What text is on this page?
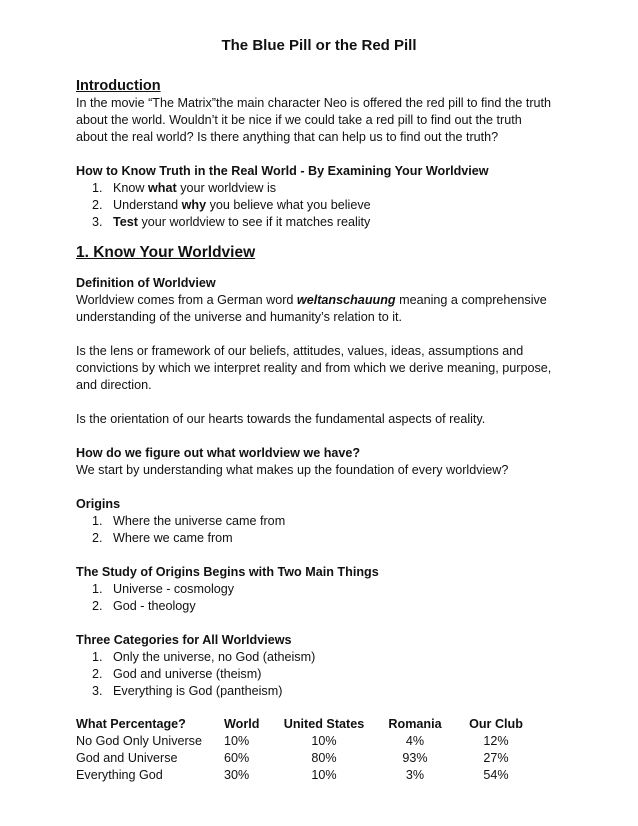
The Blue Pill or the Red Pill

Introduction

In the movie “The Matrix”the main character Neo is offered the red pill to find the truth

about the world. Wouldn’t it be nice if we could take a red pill to find out the truth

about the real world? Is there anything that can help us to find out the truth?

How to Know Truth in the Real World - By Examining Your Worldview

1. Know what your worldview is
2. Understand why you believe what you believe
3. Test your worldview to see if it matches reality

1. Know Your Worldview

Definition of Worldview

Worldview comes from a German word weltanschauung meaning a comprehensive

understanding of the universe and humanity’s relation to it.

Is the lens or framework of our beliefs, attitudes, values, ideas, assumptions and

convictions by which we interpret reality and from which we derive meaning, purpose,

and direction.

Is the orientation of our hearts towards the fundamental aspects of reality.

How do we figure out what worldview we have?

We start by understanding what makes up the foundation of every worldview?

Origins

1. Where the universe came from
2. Where we came from

The Study of Origins Begins with Two Main Things

1. Universe - cosmology
2. God - theology

Three Categories for All Worldviews

1. Only the universe, no God (atheism)
2. God and universe (theism)
3. Everything is God (pantheism)
What Percentage?	World	United States	Romania	Our Club
No God Only Universe	10%	10%	4%	12%
God and Universe	60%	80%	93%	27%
Everything God	30%	10%	3%	54%
